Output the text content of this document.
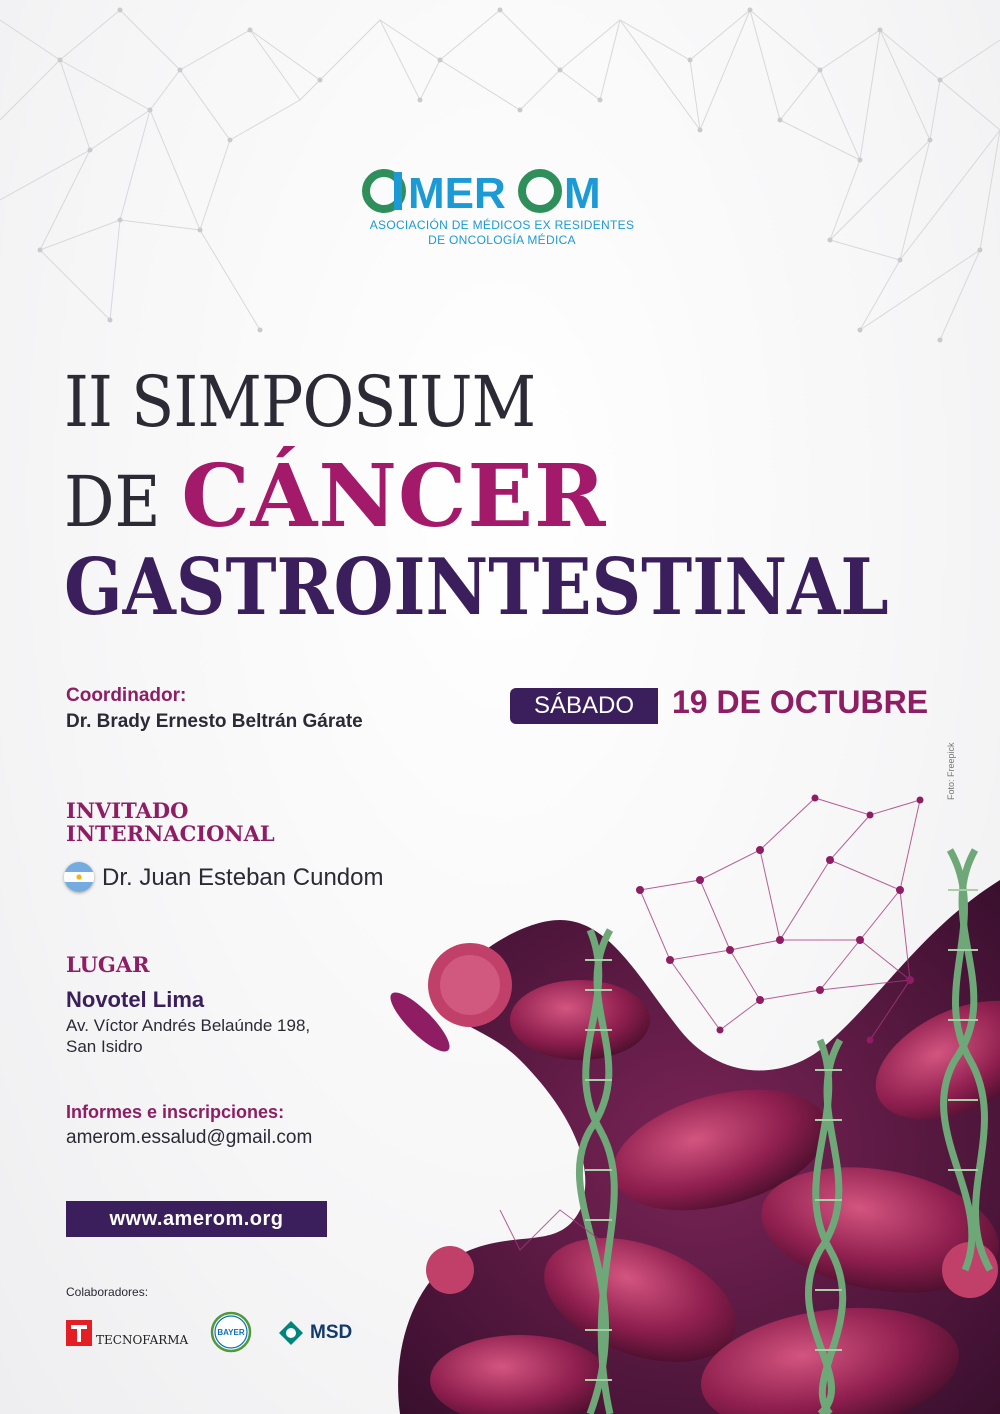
MER M
ASOCIACIÓN DE MÉDICOS EX RESIDENTES
DE ONCOLOGÍA MÉDICA
II SIMPOSIUM
DE CÁNCER
GASTROINTESTINAL
Coordinador:
Dr. Brady Ernesto Beltrán Gárate
SÁBADO	19 DE OCTUBRE
Foto: Freepick
INVITADO
INTERNACIONAL
Dr. Juan Esteban Cundom
LUGAR
Novotel Lima
Av. Víctor Andrés Belaúnde 198,
San Isidro
Informes e inscripciones:
amerom.essalud@gmail.com
www.amerom.org
Colaboradores:
TECNOFARMA
BAYER	MSD
